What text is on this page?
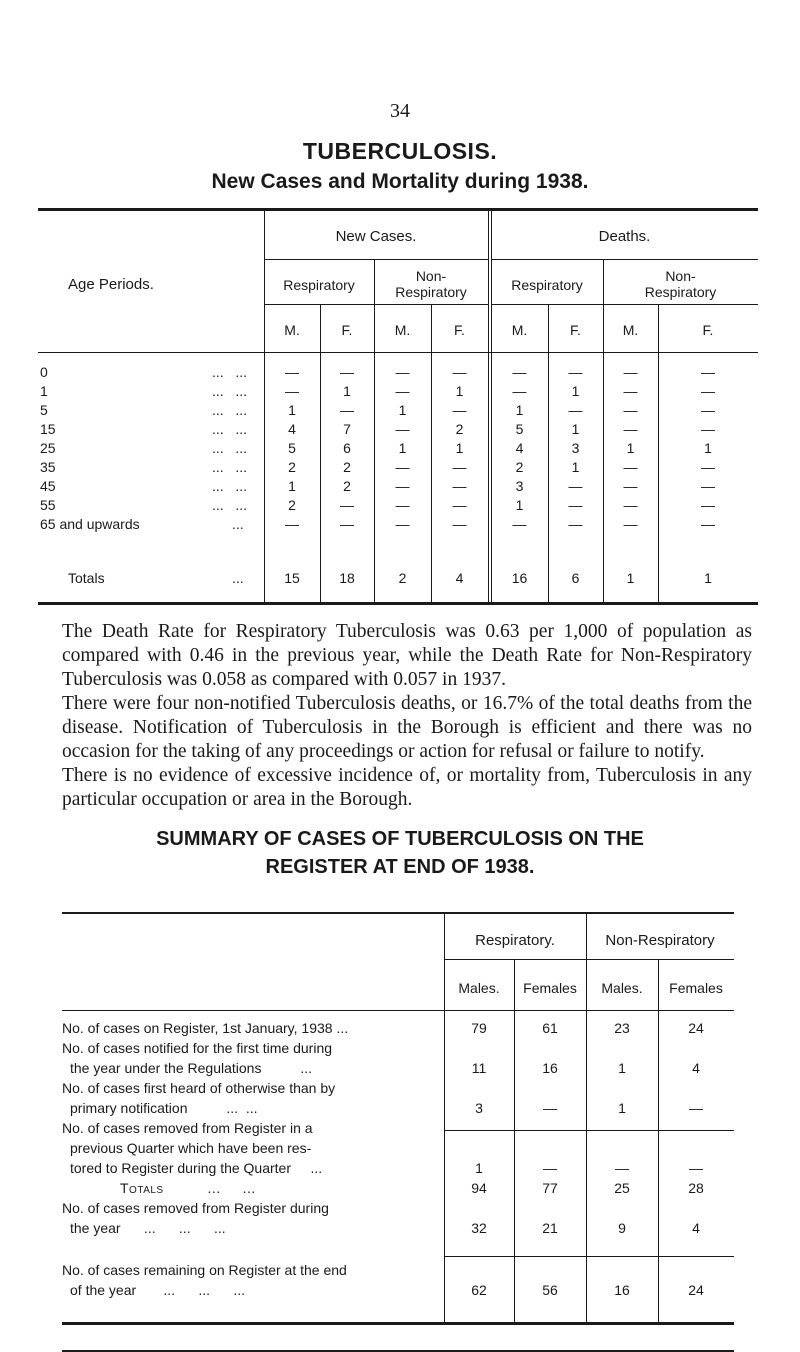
34
TUBERCULOSIS.
New Cases and Mortality during 1938.
Age Periods.
New Cases.	Deaths.
Respiratory
Non-
Respiratory	Respiratory
Non-
Respiratory
M.	F.	M.	F.	M.	F.	M.	F.
0	...   ...	—	—	—	—	—	—	—	—
1	...   ...	—	1	—	1	—	1	—	—
5	...   ...	1	—	1	—	1	—	—	—
15	...   ...	4	7	—	2	5	1	—	—
25	...   ...	5	6	1	1	4	3	1	1
35	...   ...	2	2	—	—	2	1	—	—
45	...   ...	1	2	—	—	3	—	—	—
55	...   ...	2	—	—	—	1	—	—	—
65 and upwards	...	—	—	—	—	—	—	—	—
Totals	...	15	18	2	4	16	6	1	1

The Death Rate for Respiratory Tuberculosis was 0.63 per 1,000 of population as compared with 0.46 in the previous year, while the Death Rate for Non-Respiratory Tuberculosis was 0.058 as compared with 0.057 in 1937.

There were four non-notified Tuberculosis deaths, or 16.7% of the total deaths from the disease. Notification of Tuberculosis in the Borough is efficient and there was no occasion for the taking of any proceedings or action for refusal or failure to notify.

There is no evidence of excessive incidence of, or mortality from, Tuberculosis in any particular occupation or area in the Borough.

SUMMARY OF CASES OF TUBERCULOSIS ON THE
REGISTER AT END OF 1938.
Respiratory.	Non-Respiratory
Males.	Females	Males.	Females
No. of cases on Register, 1st January, 1938 ...	79	61	23	24
No. of cases notified for the first time during
the year under the Regulations          ...	11	16	1	4
No. of cases first heard of otherwise than by
primary notification          ...  ...	3	—	1	—
No. of cases removed from Register in a
previous Quarter which have been res-
tored to Register during the Quarter     ...	1	—	—	—
Totals          ...     ...	94	77	25	28
No. of cases removed from Register during
the year      ...      ...      ...	32	21	9	4
No. of cases remaining on Register at the end
of the year       ...      ...      ...	62	56	16	24
